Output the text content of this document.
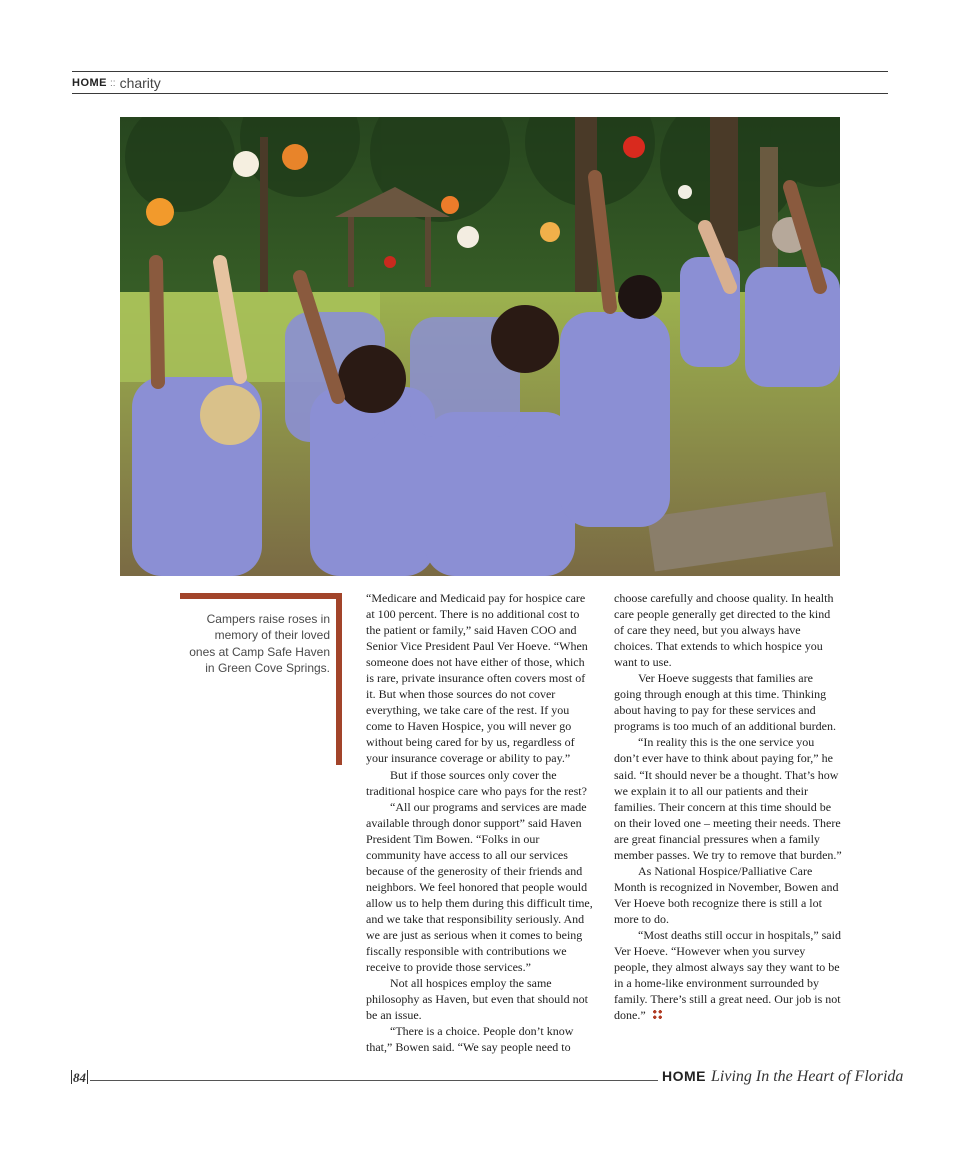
HOME :: charity
Campers raise roses in memory of their loved ones at Camp Safe Haven in Green Cove Springs.

“Medicare and Medicaid pay for hospice care at 100 percent. There is no additional cost to the patient or family,” said Haven COO and Senior Vice President Paul Ver Hoeve. “When someone does not have either of those, which is rare, private insurance often covers most of it. But when those sources do not cover everything, we take care of the rest. If you come to Haven Hospice, you will never go without being cared for by us, regardless of your insurance coverage or ability to pay.”

But if those sources only cover the traditional hospice care who pays for the rest?

“All our programs and services are made available through donor support” said Haven President Tim Bowen. “Folks in our community have access to all our services because of the generosity of their friends and neighbors. We feel honored that people would allow us to help them during this difficult time, and we take that responsibility seriously. And we are just as serious when it comes to being fiscally responsible with contributions we receive to provide those services.”

Not all hospices employ the same philosophy as Haven, but even that should not be an issue.

“There is a choice. People don’t know that,” Bowen said. “We say people need to

choose carefully and choose quality. In health care people generally get directed to the kind of care they need, but you always have choices. That extends to which hospice you want to use.

Ver Hoeve suggests that families are going through enough at this time. Thinking about having to pay for these services and programs is too much of an additional burden.

“In reality this is the one service you don’t ever have to think about paying for,” he said. “It should never be a thought. That’s how we explain it to all our patients and their families. Their concern at this time should be on their loved one – meeting their needs. There are great financial pressures when a family member passes. We try to remove that burden.”

As National Hospice/Palliative Care Month is recognized in November, Bowen and Ver Hoeve both recognize there is still a lot more to do.

“Most deaths still occur in hospitals,” said Ver Hoeve. “However when you survey people, they almost always say they want to be in a home-like environment surrounded by family. There’s still a great need. Our job is not done.”

84	HOME Living In the Heart of Florida
